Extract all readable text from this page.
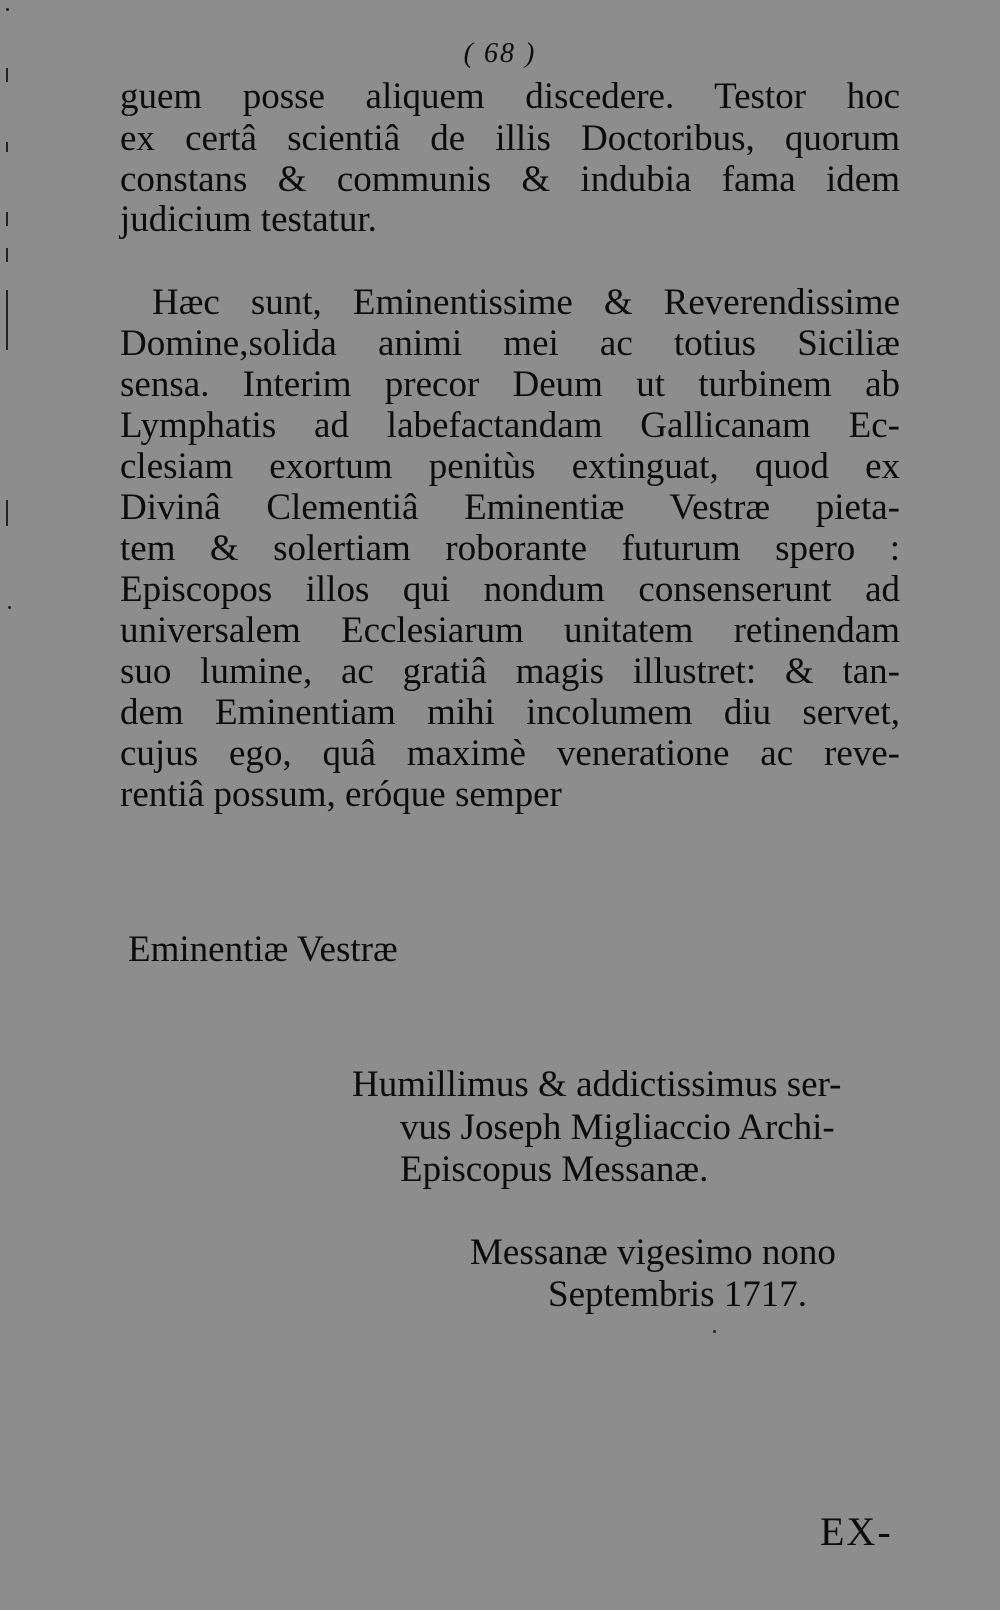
( 68 )
guem posse aliquem discedere. Testor hoc
ex certâ scientiâ de illis Doctoribus, quorum
constans & communis & indubia fama idem
judicium testatur.
Hæc sunt, Eminentissime & Reverendissime
Domine,solida animi mei ac totius Siciliæ
sensa. Interim precor Deum ut turbinem ab
Lymphatis ad labefactandam Gallicanam Ec-
clesiam exortum penitùs extinguat, quod ex
Divinâ Clementiâ Eminentiæ Vestræ pieta-
tem & solertiam roborante futurum spero :
Episcopos illos qui nondum consenserunt ad
universalem Ecclesiarum unitatem retinendam
suo lumine, ac gratiâ magis illustret: & tan-
dem Eminentiam mihi incolumem diu servet,
cujus ego, quâ maximè veneratione ac reve-
rentiâ possum, eróque semper
Eminentiæ Vestræ
Humillimus & addictissimus ser-
vus Joseph Migliaccio Archi-
Episcopus Messanæ.
Messanæ vigesimo nono
Septembris 1717.
EX-
